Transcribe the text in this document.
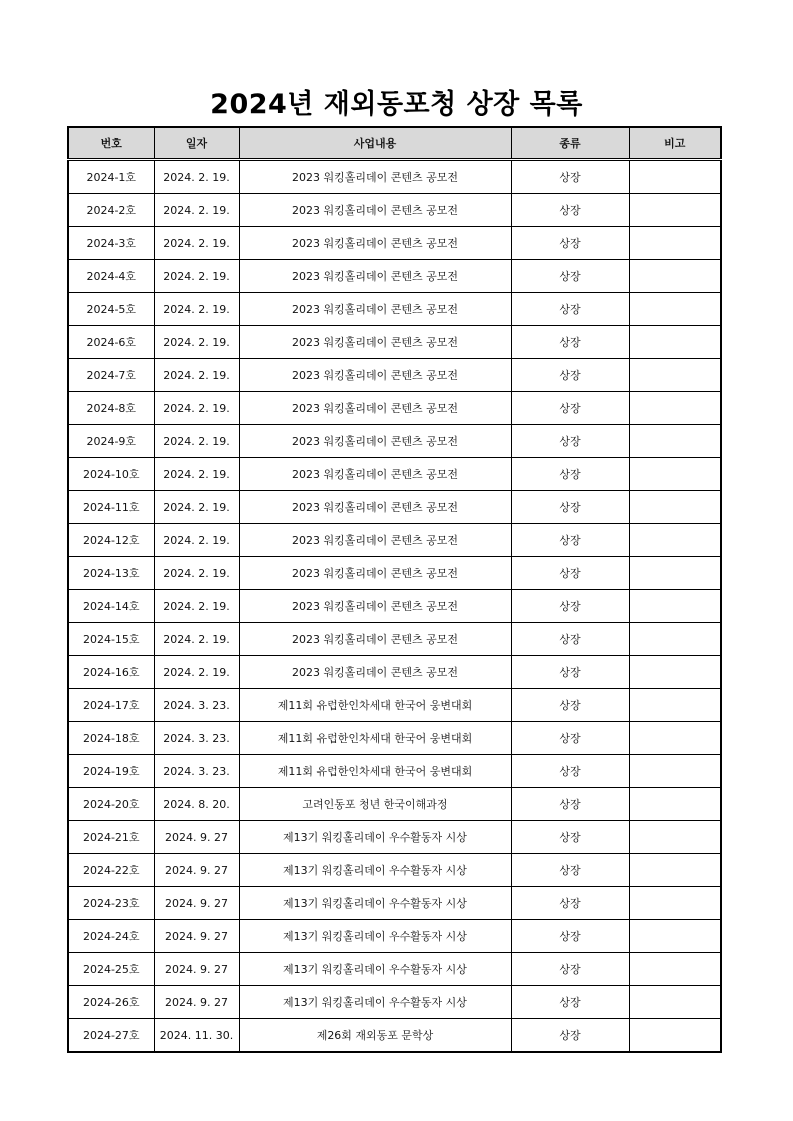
2024년 재외동포청 상장 목록
번호	일자	사업내용	종류	비고
2024-1호	2024. 2. 19.	2023 워킹홀리데이 콘텐츠 공모전	상장	
2024-2호	2024. 2. 19.	2023 워킹홀리데이 콘텐츠 공모전	상장	
2024-3호	2024. 2. 19.	2023 워킹홀리데이 콘텐츠 공모전	상장	
2024-4호	2024. 2. 19.	2023 워킹홀리데이 콘텐츠 공모전	상장	
2024-5호	2024. 2. 19.	2023 워킹홀리데이 콘텐츠 공모전	상장	
2024-6호	2024. 2. 19.	2023 워킹홀리데이 콘텐츠 공모전	상장	
2024-7호	2024. 2. 19.	2023 워킹홀리데이 콘텐츠 공모전	상장	
2024-8호	2024. 2. 19.	2023 워킹홀리데이 콘텐츠 공모전	상장	
2024-9호	2024. 2. 19.	2023 워킹홀리데이 콘텐츠 공모전	상장	
2024-10호	2024. 2. 19.	2023 워킹홀리데이 콘텐츠 공모전	상장	
2024-11호	2024. 2. 19.	2023 워킹홀리데이 콘텐츠 공모전	상장	
2024-12호	2024. 2. 19.	2023 워킹홀리데이 콘텐츠 공모전	상장	
2024-13호	2024. 2. 19.	2023 워킹홀리데이 콘텐츠 공모전	상장	
2024-14호	2024. 2. 19.	2023 워킹홀리데이 콘텐츠 공모전	상장	
2024-15호	2024. 2. 19.	2023 워킹홀리데이 콘텐츠 공모전	상장	
2024-16호	2024. 2. 19.	2023 워킹홀리데이 콘텐츠 공모전	상장	
2024-17호	2024. 3. 23.	제11회 유럽한인차세대 한국어 웅변대회	상장	
2024-18호	2024. 3. 23.	제11회 유럽한인차세대 한국어 웅변대회	상장	
2024-19호	2024. 3. 23.	제11회 유럽한인차세대 한국어 웅변대회	상장	
2024-20호	2024. 8. 20.	고려인동포 청년 한국이해과정	상장	
2024-21호	2024. 9. 27	제13기 워킹홀리데이 우수활동자 시상	상장	
2024-22호	2024. 9. 27	제13기 워킹홀리데이 우수활동자 시상	상장	
2024-23호	2024. 9. 27	제13기 워킹홀리데이 우수활동자 시상	상장	
2024-24호	2024. 9. 27	제13기 워킹홀리데이 우수활동자 시상	상장	
2024-25호	2024. 9. 27	제13기 워킹홀리데이 우수활동자 시상	상장	
2024-26호	2024. 9. 27	제13기 워킹홀리데이 우수활동자 시상	상장	
2024-27호	2024. 11. 30.	제26회 재외동포 문학상	상장	
